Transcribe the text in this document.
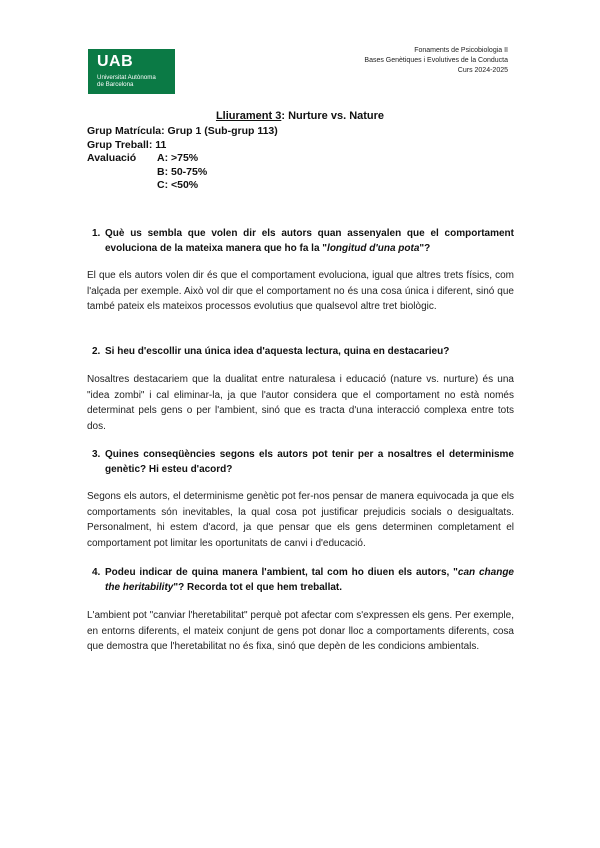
UAB
Universitat Autònoma
de Barcelona
Fonaments de Psicobiologia II
Bases Genètiques i Evolutives de la Conducta
Curs 2024-2025
Lliurament 3: Nurture vs. Nature
Grup Matrícula: Grup 1 (Sub-grup 113)
Grup Treball: 11
Avaluació A: >75%
B: 50-75%
C: <50%
1. Què us sembla que volen dir els autors quan assenyalen que el comportament evoluciona de la mateixa manera que ho fa la "longitud d'una pota"?
El que els autors volen dir és que el comportament evoluciona, igual que altres trets físics, com l'alçada per exemple. Això vol dir que el comportament no és una cosa única i diferent, sinó que també pateix els mateixos processos evolutius que qualsevol altre tret biològic.
2. Si heu d'escollir una única idea d'aquesta lectura, quina en destacarieu?
Nosaltres destacariem que la dualitat entre naturalesa i educació (nature vs. nurture) és una "idea zombi" i cal eliminar-la, ja que l'autor considera que el comportament no està només determinat pels gens o per l'ambient, sinó que es tracta d'una interacció complexa entre tots dos.
3. Quines conseqüències segons els autors pot tenir per a nosaltres el determinisme genètic? Hi esteu d'acord?
Segons els autors, el determinisme genètic pot fer-nos pensar de manera equivocada ja que els comportaments són inevitables, la qual cosa pot justificar prejudicis socials o desigualtats. Personalment, hi estem d'acord, ja que pensar que els gens determinen completament el comportament pot limitar les oportunitats de canvi i d'educació.
4. Podeu indicar de quina manera l'ambient, tal com ho diuen els autors, "can change the heritability"? Recorda tot el que hem treballat.
L'ambient pot "canviar l'heretabilitat" perquè pot afectar com s'expressen els gens. Per exemple, en entorns diferents, el mateix conjunt de gens pot donar lloc a comportaments diferents, cosa que demostra que l'heretabilitat no és fixa, sinó que depèn de les condicions ambientals.
